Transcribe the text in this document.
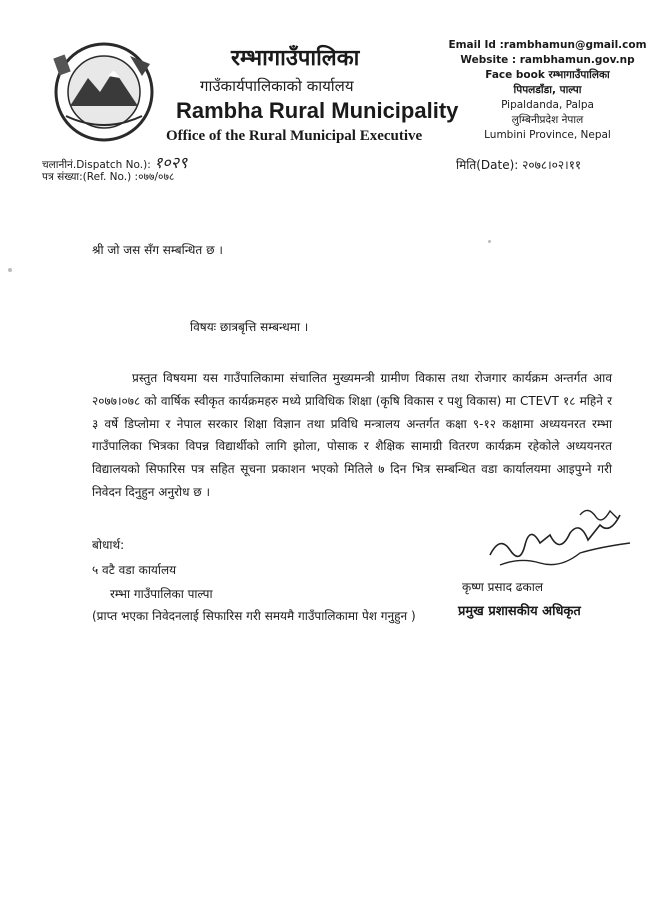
रम्भागाउँपालिका
गाउँकार्यपालिकाको कार्यालय
Rambha Rural Municipality
Office of the Rural Municipal Executive
Email Id :rambhamun@gmail.com
Website : rambhamun.gov.np
Face book रम्भागाउँपालिका
पिपलडाँडा, पाल्पा
Pipaldanda, Palpa
लुम्बिनीप्रदेश नेपाल
Lumbini Province, Nepal
चलानीनं.Dispatch No.): १०२९
पत्र संख्या:(Ref. No.) :०७७/०७८
मिति(Date): २०७८।०२।११
श्री जो जस सँग सम्बन्धित छ ।
विषयः छात्रबृत्ति सम्बन्धमा ।

प्रस्तुत विषयमा यस गाउँपालिकामा संचालित मुख्यमन्त्री ग्रामीण विकास तथा रोजगार कार्यक्रम अन्तर्गत आव २०७७।०७८ को वार्षिक स्वीकृत कार्यक्रमहरु मध्ये प्राविधिक शिक्षा (कृषि विकास र पशु विकास) मा CTEVT १८ महिने र ३ वर्षे डिप्लोमा र नेपाल सरकार शिक्षा विज्ञान तथा प्रविधि मन्त्रालय अन्तर्गत कक्षा ९-१२ कक्षामा अध्ययनरत रम्भा गाउँपालिका भित्रका विपन्न विद्यार्थीको लागि झोला, पोसाक र शैक्षिक सामाग्री वितरण कार्यक्रम रहेकोले अध्ययनरत विद्यालयको सिफारिस पत्र सहित सूचना प्रकाशन भएको मितिले ७ दिन भित्र सम्बन्धित वडा कार्यालयमा आइपुग्ने गरी निवेदन दिनुहुन अनुरोध छ ।

बोधार्थ:
५ वटै वडा कार्यालय
रम्भा गाउँपालिका पाल्पा
(प्राप्त भएका निवेदनलाई सिफारिस गरी समयमै गाउँपालिकामा पेश गनुहुन )
कृष्ण प्रसाद ढकाल
प्रमुख प्रशासकीय अधिकृत
